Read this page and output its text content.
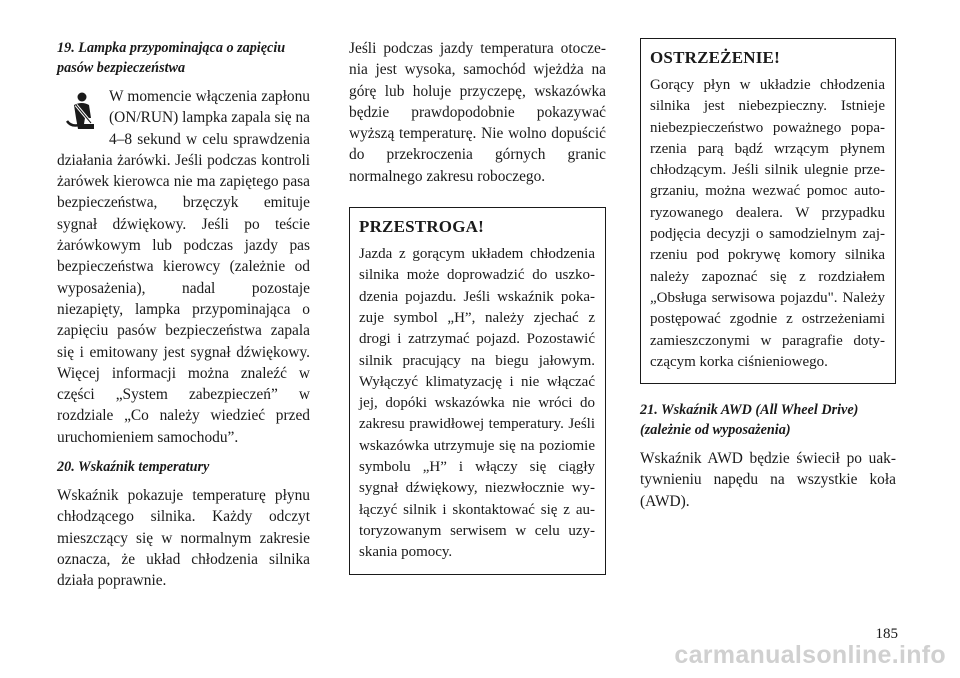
19. Lampka przypominająca o zapięciu pasów bezpieczeństwa
W momencie włączenia zapłonu (ON/RUN) lampka zapala się na 4–8 sekund w celu sprawdzenia działania żarówki. Jeśli podczas kontroli żarówek kierowca nie ma zapiętego pasa bezpieczeństwa, brzęczyk emituje sygnał dźwiękowy. Jeśli po teście żarówkowym lub podczas jazdy pas bezpieczeństwa kierowcy (zależnie od wyposażenia), nadal pozostaje niezapięty, lampka przypominająca o zapięciu pasów bezpieczeństwa zapala się i emitowany jest sygnał dźwiękowy. Więcej informacji można znaleźć w części „System zabezpieczeń” w rozdziale „Co należy wiedzieć przed uruchomieniem samochodu”.
20. Wskaźnik temperatury
Wskaźnik pokazuje temperaturę płynu chłodzącego silnika. Każdy odczyt mieszczący się w normalnym zakresie oznacza, że układ chłodzenia silnika działa poprawnie.
Jeśli podczas jazdy temperatura otoczenia jest wysoka, samochód wjeżdża na górę lub holuje przyczepę, wskazówka będzie prawdopodobnie pokazywać wyższą temperaturę. Nie wolno dopuścić do przekroczenia górnych granic normalnego zakresu roboczego.
PRZESTROGA!
Jazda z gorącym układem chłodzenia silnika może doprowadzić do uszkodzenia pojazdu. Jeśli wskaźnik pokazuje symbol „H”, należy zjechać z drogi i zatrzymać pojazd. Pozostawić silnik pracujący na biegu jałowym. Wyłączyć klimatyzację i nie włączać jej, dopóki wskazówka nie wróci do zakresu prawidłowej temperatury. Jeśli wskazówka utrzymuje się na poziomie symbolu „H” i włączy się ciągły sygnał dźwiękowy, niezwłocznie wyłączyć silnik i skontaktować się z autoryzowanym serwisem w celu uzyskania pomocy.
OSTRZEŻENIE!
Gorący płyn w układzie chłodzenia silnika jest niebezpieczny. Istnieje niebezpieczeństwo poważnego poparzenia parą bądź wrzącym płynem chłodzącym. Jeśli silnik ulegnie przegrzaniu, można wezwać pomoc autoryzowanego dealera. W przypadku podjęcia decyzji o samodzielnym zajrzeniu pod pokrywę komory silnika należy zapoznać się z rozdziałem „Obsługa serwisowa pojazdu". Należy postępować zgodnie z ostrzeżeniami zamieszczonymi w paragrafie dotyczącym korka ciśnieniowego.
21. Wskaźnik AWD (All Wheel Drive) (zależnie od wyposażenia)
Wskaźnik AWD będzie świecił po uaktywnieniu napędu na wszystkie koła (AWD).
185
carmanualsonline.info
